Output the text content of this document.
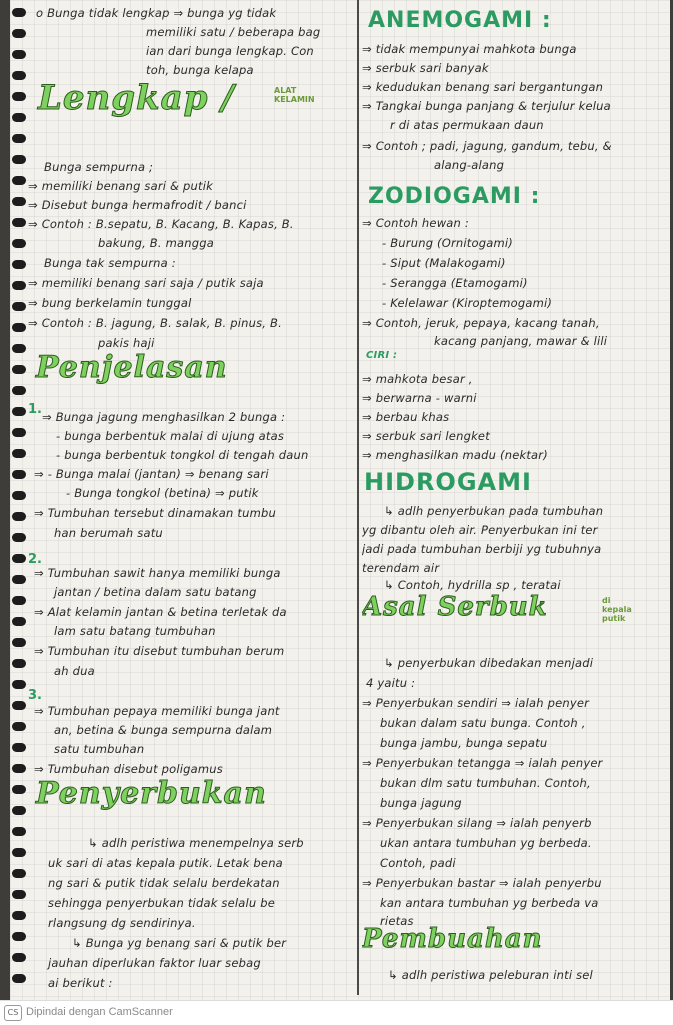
o Bunga tidak lengkap ⇒ bunga yg tidak
memiliki satu / beberapa bag
ian dari bunga lengkap. Con
toh, bunga kelapa
Lengkap /	ALAT
KELAMIN
Bunga sempurna ;
⇒ memiliki benang sari & putik
⇒ Disebut bunga hermafrodit / banci
⇒ Contoh : B.sepatu, B. Kacang, B. Kapas, B.
bakung, B. mangga
Bunga tak sempurna :
⇒ memiliki benang sari saja / putik saja
⇒ bung berkelamin tunggal
⇒ Contoh : B. jagung, B. salak, B. pinus, B.
pakis haji
Penjelasan
1. ⇒ Bunga jagung menghasilkan 2 bunga :
- bunga berbentuk malai di ujung atas
- bunga berbentuk tongkol di tengah daun
⇒ - Bunga malai (jantan) ⇒ benang sari
- Bunga tongkol (betina) ⇒ putik
⇒ Tumbuhan tersebut dinamakan tumbu
han berumah satu
2.
⇒ Tumbuhan sawit hanya memiliki bunga
jantan / betina dalam satu batang
⇒ Alat kelamin jantan & betina terletak da
lam satu batang tumbuhan
⇒ Tumbuhan itu disebut tumbuhan berum
ah dua
3.
⇒ Tumbuhan pepaya memiliki bunga jant
an, betina & bunga sempurna dalam
satu tumbuhan
⇒ Tumbuhan disebut poligamus
Penyerbukan
↳ adlh peristiwa menempelnya serb
uk sari di atas kepala putik. Letak bena
ng sari & putik tidak selalu berdekatan
sehingga penyerbukan tidak selalu be
rlangsung dg sendirinya.
↳ Bunga yg benang sari & putik ber
jauhan diperlukan faktor luar sebag
ai berikut :
ANEMOGAMI :
⇒ tidak mempunyai mahkota bunga
⇒ serbuk sari banyak
⇒ kedudukan benang sari bergantungan
⇒ Tangkai bunga panjang & terjulur kelua
r di atas permukaan daun
⇒ Contoh ; padi, jagung, gandum, tebu, &
alang-alang
ZODIOGAMI :
⇒ Contoh hewan :
- Burung (Ornitogami)
- Siput (Malakogami)
- Serangga (Etamogami)
- Kelelawar (Kiroptemogami)
⇒ Contoh, jeruk, pepaya, kacang tanah,
kacang panjang, mawar & lili
CIRI :
⇒ mahkota besar ,
⇒ berwarna - warni
⇒ berbau khas
⇒ serbuk sari lengket
⇒ menghasilkan madu (nektar)
HIDROGAMI
↳ adlh penyerbukan pada tumbuhan
yg dibantu oleh air. Penyerbukan ini ter
jadi pada tumbuhan berbiji yg tubuhnya
terendam air
↳ Contoh, hydrilla sp , teratai
Asal Serbuk	di
kepala
putik
↳ penyerbukan dibedakan menjadi
4 yaitu :
⇒ Penyerbukan sendiri ⇒ ialah penyer
bukan dalam satu bunga. Contoh ,
bunga jambu, bunga sepatu
⇒ Penyerbukan tetangga ⇒ ialah penyer
bukan dlm satu tumbuhan. Contoh,
bunga jagung
⇒ Penyerbukan silang ⇒ ialah penyerb
ukan antara tumbuhan yg berbeda.
Contoh, padi
⇒ Penyerbukan bastar ⇒ ialah penyerbu
kan antara tumbuhan yg berbeda va
rietas
Pembuahan
↳ adlh peristiwa peleburan inti sel
CS Dipindai dengan CamScanner
